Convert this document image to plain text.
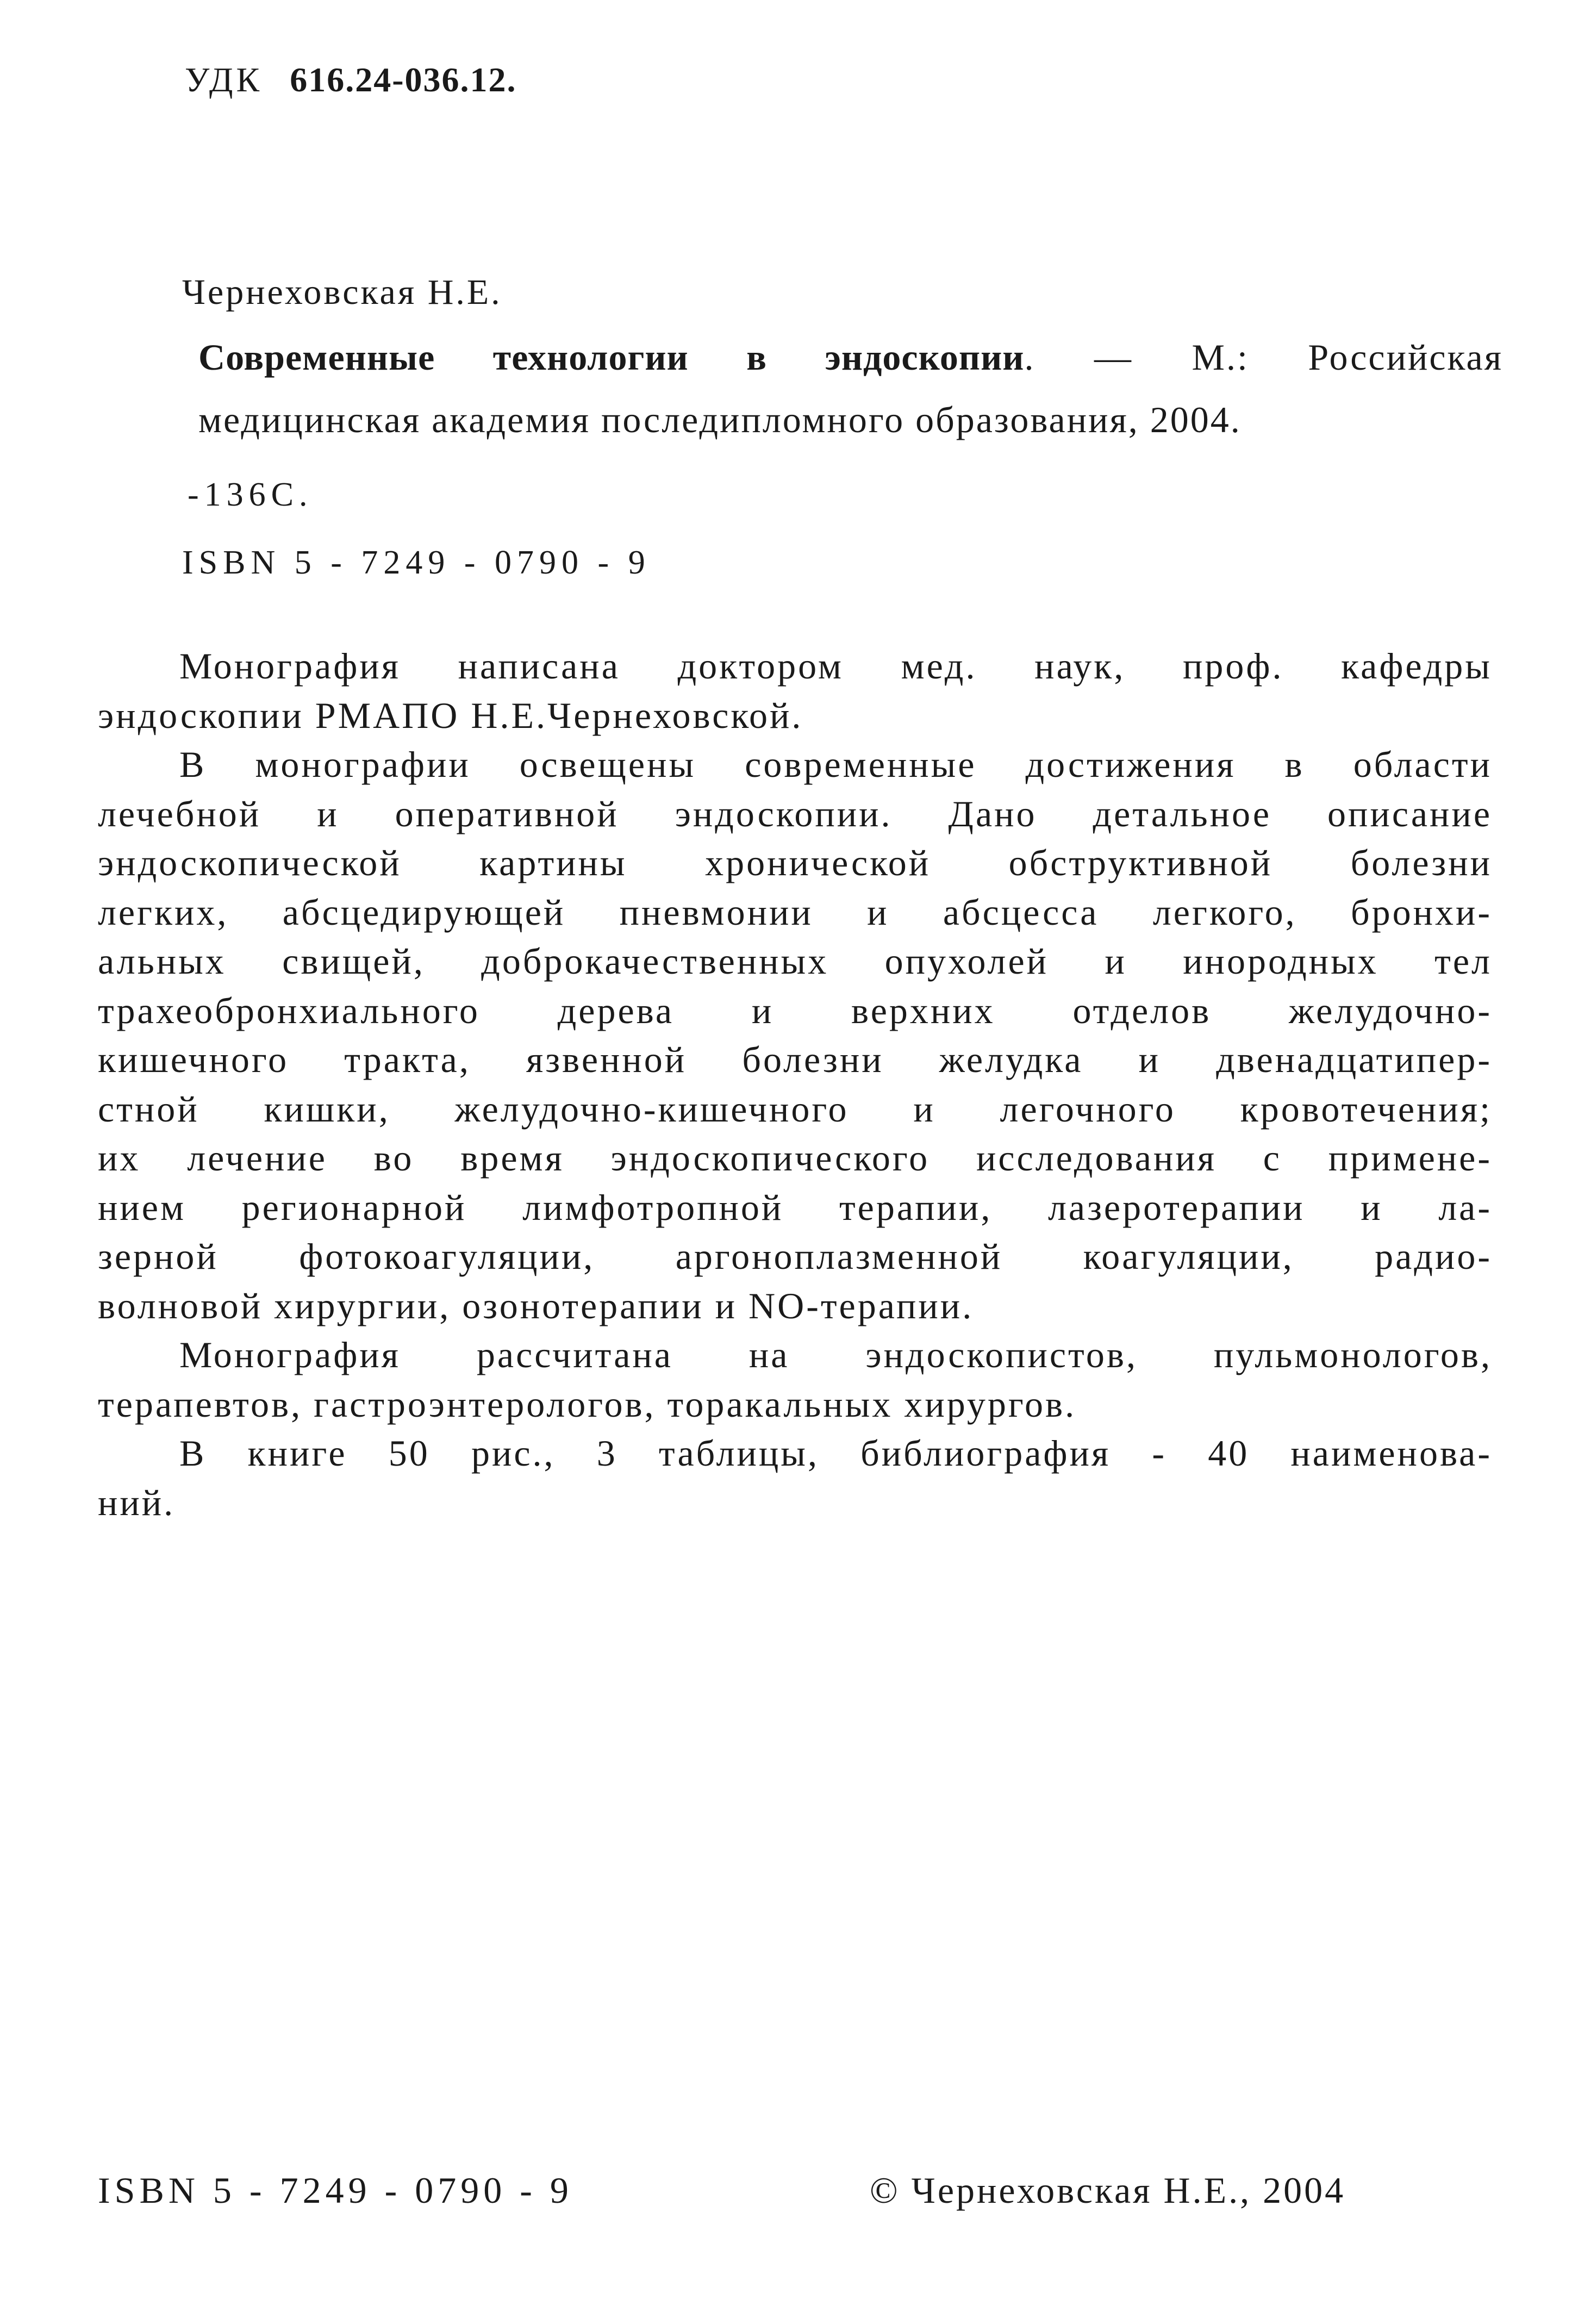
УДК 616.24-036.12.
Чернеховская Н.Е.
Современные технологии в эндоскопии. — М.: Российская
медицинская академия последипломного образования, 2004.
-136С.
ISBN 5 - 7249 - 0790 - 9

Монография написана доктором мед. наук, проф. кафедры
эндоскопии РМАПО Н.Е.Чернеховской.

В монографии освещены современные достижения в области
лечебной и оперативной эндоскопии. Дано детальное описание
эндоскопической картины хронической обструктивной болезни
легких, абсцедирующей пневмонии и абсцесса легкого, бронхи-
альных свищей, доброкачественных опухолей и инородных тел
трахеобронхиального дерева и верхних отделов желудочно-
кишечного тракта, язвенной болезни желудка и двенадцатипер-
стной кишки, желудочно-кишечного и легочного кровотечения;
их лечение во время эндоскопического исследования с примене-
нием регионарной лимфотропной терапии, лазеротерапии и ла-
зерной фотокоагуляции, аргоноплазменной коагуляции, радио-
волновой хирургии, озонотерапии и NO-терапии.

Монография рассчитана на эндоскопистов, пульмонологов,
терапевтов, гастроэнтерологов, торакальных хирургов.

В книге 50 рис., 3 таблицы, библиография - 40 наименова-
ний.

ISBN 5 - 7249 - 0790 - 9	© Чернеховская Н.Е., 2004
